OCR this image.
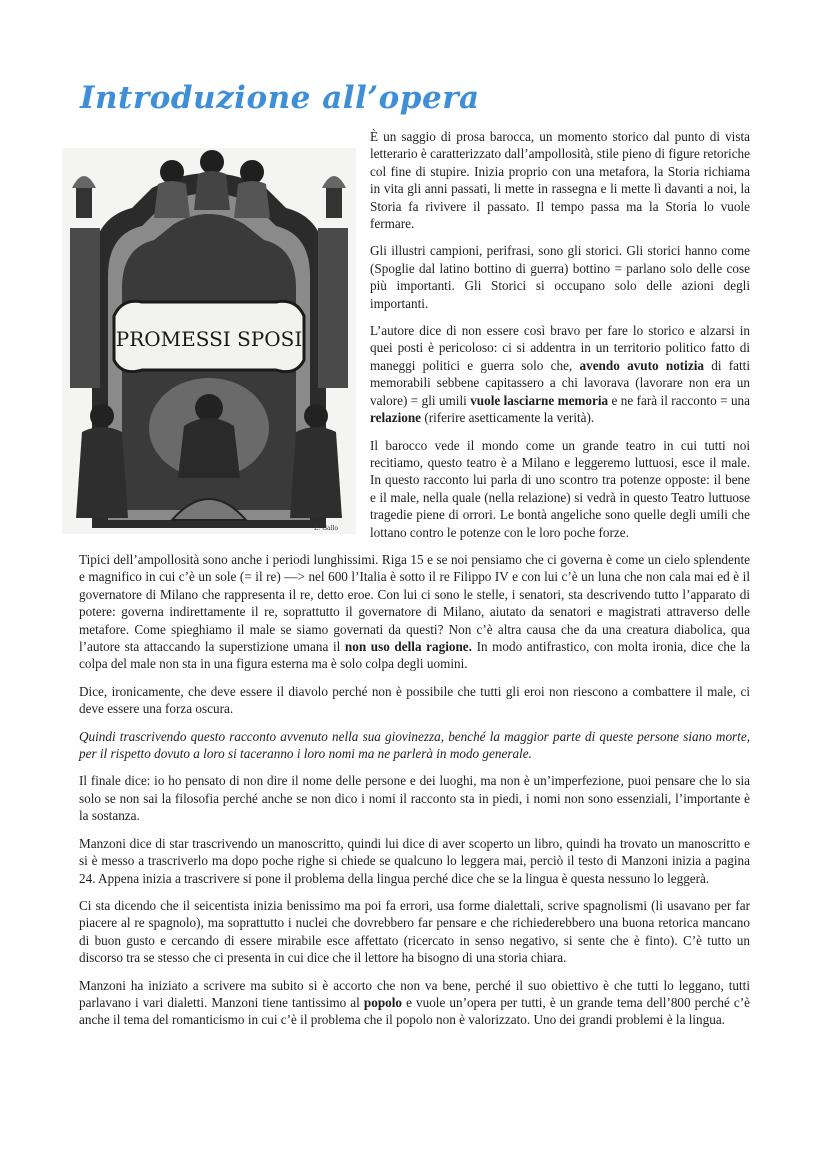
Introduzione all’opera
PROMESSI SPOSI
E. Gallo

È un saggio di prosa barocca, un momento storico dal punto di vista letterario è caratterizzato dall’ampollosità, stile pieno di figure retoriche col fine di stupire. Inizia proprio con una metafora, la Storia richiama in vita gli anni passati, li mette in rassegna e li mette lì davanti a noi, la Storia fa rivivere il passato. Il tempo passa ma la Storia lo vuole fermare.

Gli illustri campioni, perifrasi, sono gli storici. Gli storici hanno come (Spoglie dal latino bottino di guerra) bottino = parlano solo delle cose più importanti. Gli Storici si occupano solo delle azioni degli importanti.

L’autore dice di non essere così bravo per fare lo storico e alzarsi in quei posti è pericoloso: ci si addentra in un territorio politico fatto di maneggi politici e guerra solo che, avendo avuto notizia di fatti memorabili sebbene capitassero a chi lavorava (lavorare non era un valore) = gli umili vuole lasciarne memoria e ne farà il racconto = una relazione (riferire asetticamente la verità).

Il barocco vede il mondo come un grande teatro in cui tutti noi recitiamo, questo teatro è a Milano e leggeremo luttuosi, esce il male. In questo racconto lui parla di uno scontro tra potenze opposte: il bene e il male, nella quale (nella relazione) si vedrà in questo Teatro luttuose tragedie piene di orrori. Le bontà angeliche sono quelle degli umili che lottano contro le potenze con le loro poche forze.

Tipici dell’ampollosità sono anche i periodi lunghissimi. Riga 15 e se noi pensiamo che ci governa è come un cielo splendente e magnifico in cui c’è un sole (= il re) —> nel 600 l’Italia è sotto il re Filippo IV e con lui c’è un luna che non cala mai ed è il governatore di Milano che rappresenta il re, detto eroe. Con lui ci sono le stelle, i senatori, sta descrivendo tutto l’apparato di potere: governa indirettamente il re, soprattutto il governatore di Milano, aiutato da senatori e magistrati attraverso delle metafore. Come spieghiamo il male se siamo governati da questi? Non c’è altra causa che da una creatura diabolica, qua l’autore sta attaccando la superstizione umana il non uso della ragione. In modo antifrastico, con molta ironia, dice che la colpa del male non sta in una figura esterna ma è solo colpa degli uomini.

Dice, ironicamente, che deve essere il diavolo perché non è possibile che tutti gli eroi non riescono a combattere il male, ci deve essere una forza oscura.

Quindi trascrivendo questo racconto avvenuto nella sua giovinezza, benché la maggior parte di queste persone siano morte, per il rispetto dovuto a loro si taceranno i loro nomi ma ne parlerà in modo generale.

Il finale dice: io ho pensato di non dire il nome delle persone e dei luoghi, ma non è un’imperfezione, puoi pensare che lo sia solo se non sai la filosofia perché anche se non dico i nomi il racconto sta in piedi, i nomi non sono essenziali, l’importante è la sostanza.

Manzoni dice di star trascrivendo un manoscritto, quindi lui dice di aver scoperto un libro, quindi ha trovato un manoscritto e si è messo a trascriverlo ma dopo poche righe si chiede se qualcuno lo leggera mai, perciò il testo di Manzoni inizia a pagina 24. Appena inizia a trascrivere si pone il problema della lingua perché dice che se la lingua è questa nessuno lo leggerà.

Ci sta dicendo che il seicentista inizia benissimo ma poi fa errori, usa forme dialettali, scrive spagnolismi (li usavano per far piacere al re spagnolo), ma soprattutto i nuclei che dovrebbero far pensare e che richiederebbero una buona retorica mancano di buon gusto e cercando di essere mirabile esce affettato (ricercato in senso negativo, si sente che è finto). C’è tutto un discorso tra se stesso che ci presenta in cui dice che il lettore ha bisogno di una storia chiara.

Manzoni ha iniziato a scrivere ma subito si è accorto che non va bene, perché il suo obiettivo è che tutti lo leggano, tutti parlavano i vari dialetti. Manzoni tiene tantissimo al popolo e vuole un’opera per tutti, è un grande tema dell’800 perché c’è anche il tema del romanticismo in cui c’è il problema che il popolo non è valorizzato. Uno dei grandi problemi è la lingua.
